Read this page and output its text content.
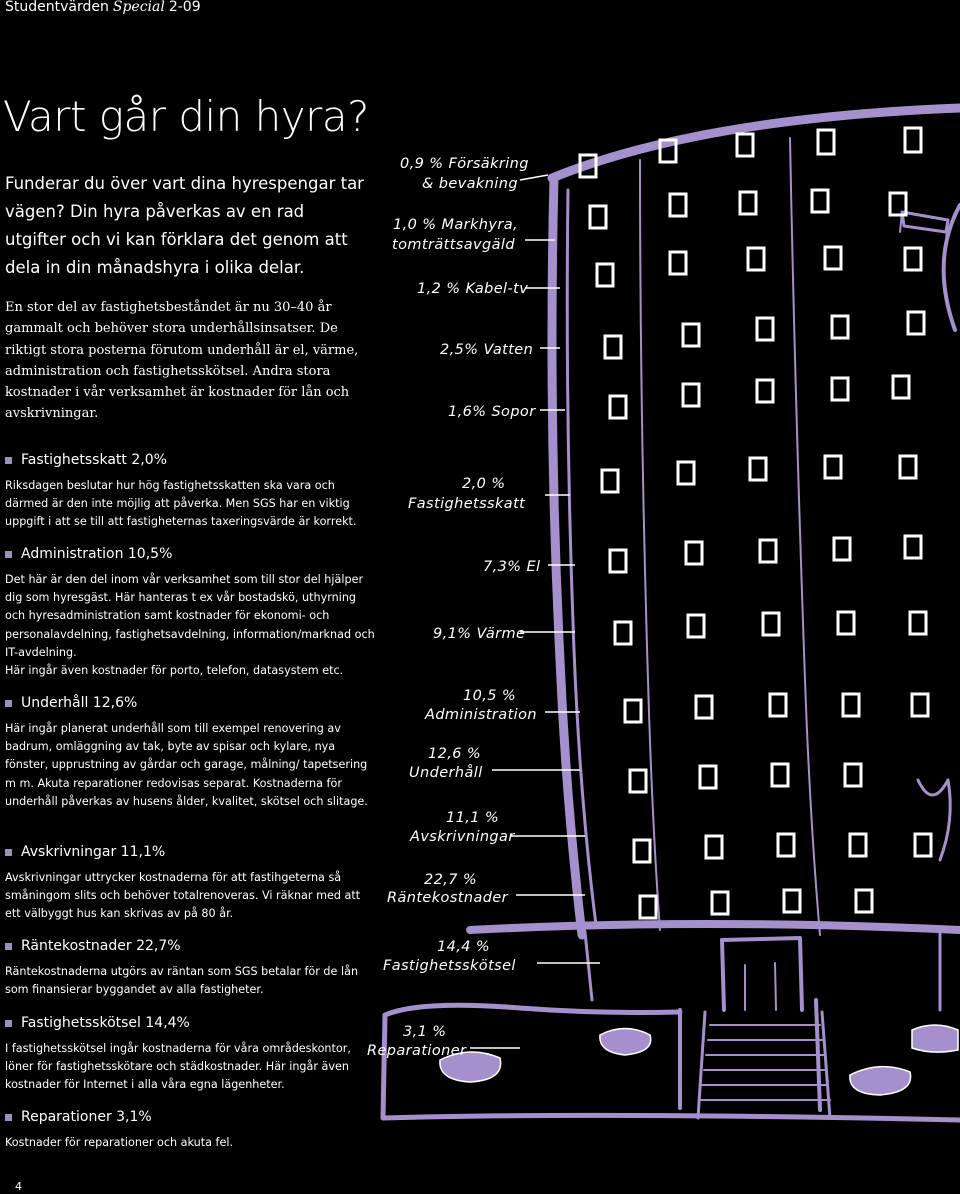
Studentvärden Special 2-09
Vart går din hyra?
Funderar du över vart dina hyrespengar tar vägen? Din hyra påverkas av en rad utgifter och vi kan förklara det genom att dela in din månadshyra i olika delar.
En stor del av fastighetsbeståndet är nu 30–40 år gammalt och behöver stora underhållsinsatser. De riktigt stora posterna förutom underhåll är el, värme, administration och fastighetsskötsel. Andra stora kostnader i vår verksamhet är kostnader för lån och avskrivningar.
Fastighetsskatt 2,0%
Riksdagen beslutar hur hög fastighetsskatten ska vara och därmed är den inte möjlig att påverka. Men SGS har en viktig uppgift i att se till att fastigheternas taxeringsvärde är korrekt.
Administration 10,5%
Det här är den del inom vår verksamhet som till stor del hjälper dig som hyresgäst. Här hanteras t ex vår bostadskö, uthyrning och hyresadministration samt kostnader för ekonomi- och personalavdelning, fastighetsavdelning, information/marknad och IT-avdelning.
Här ingår även kostnader för porto, telefon, datasystem etc.
Underhåll 12,6%
Här ingår planerat underhåll som till exempel renovering av badrum, omläggning av tak, byte av spisar och kylare, nya fönster, upprustning av gårdar och garage, målning/ tapetsering m m. Akuta reparationer redovisas separat. Kostnaderna för underhåll påverkas av husens ålder, kvalitet, skötsel och slitage.
Avskrivningar 11,1%
Avskrivningar uttrycker kostnaderna för att fastihgeterna så småningom slits och behöver totalrenoveras. Vi räknar med att ett välbyggt hus kan skrivas av på 80 år.
Räntekostnader 22,7%
Räntekostnaderna utgörs av räntan som SGS betalar för de lån som finansierar byggandet av alla fastigheter.
Fastighetsskötsel 14,4%
I fastighetsskötsel ingår kostnaderna för våra områdeskontor, löner för fastighetsskötare och städkostnader. Här ingår även kostnader för Internet i alla våra egna lägenheter.
Reparationer 3,1%
Kostnader för reparationer och akuta fel.
4
0,9 % Försäkring
& bevakning
1,0 % Markhyra,
tomträttsavgäld
1,2 % Kabel-tv
2,5% Vatten
1,6% Sopor
2,0 %
Fastighetsskatt
7,3% El
9,1% Värme
10,5 %
Administration
12,6 %
Underhåll
11,1 %
Avskrivningar
22,7 %
Räntekostnader
14,4 %
Fastighetsskötsel
3,1 %
Reparationer
